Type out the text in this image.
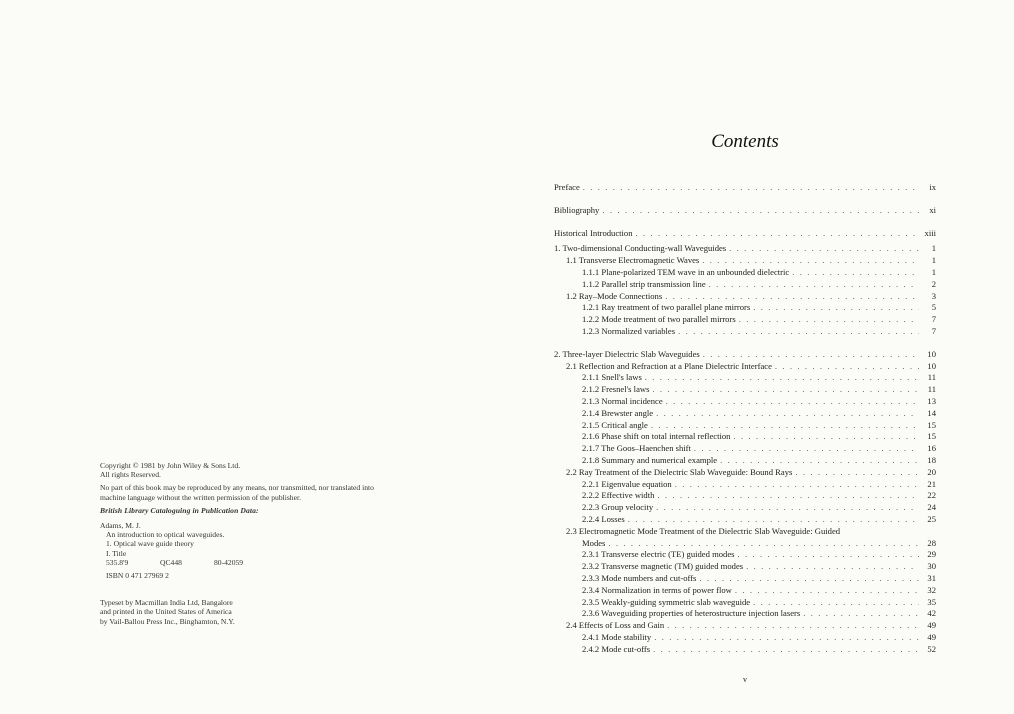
Copyright © 1981 by John Wiley & Sons Ltd.

All rights Reserved.

No part of this book may be reproduced by any means, nor transmitted, nor translated into

machine language without the written permission of the publisher.

British Library Cataloguing in Publication Data:

Adams, M. J.

An introduction to optical waveguides.

1. Optical wave guide theory

I. Title

535.8'9	QC448	80-42059

ISBN 0 471 27969 2

Typeset by Macmillan India Ltd, Bangalore

and printed in the United States of America

by Vail-Ballou Press Inc., Binghamton, N.Y.

Contents
Preface . . .	ix
Bibliography . . .	xi
Historical Introduction . . .	xiii
1. Two-dimensional Conducting-wall Waveguides . . .	1
1.1 Transverse Electromagnetic Waves . . .	1
1.1.1 Plane-polarized TEM wave in an unbounded dielectric . . .	1
1.1.2 Parallel strip transmission line . . .	2
1.2 Ray–Mode Connections . . .	3
1.2.1 Ray treatment of two parallel plane mirrors . . .	5
1.2.2 Mode treatment of two parallel mirrors . . .	7
1.2.3 Normalized variables . . .	7
2. Three-layer Dielectric Slab Waveguides . . .	10
2.1 Reflection and Refraction at a Plane Dielectric Interface . . .	10
2.1.1 Snell's laws . . .	11
2.1.2 Fresnel's laws . . .	11
2.1.3 Normal incidence . . .	13
2.1.4 Brewster angle . . .	14
2.1.5 Critical angle . . .	15
2.1.6 Phase shift on total internal reflection . . .	15
2.1.7 The Goos–Haenchen shift . . .	16
2.1.8 Summary and numerical example . . .	18
2.2 Ray Treatment of the Dielectric Slab Waveguide: Bound Rays . . .	20
2.2.1 Eigenvalue equation . . .	21
2.2.2 Effective width . . .	22
2.2.3 Group velocity . . .	24
2.2.4 Losses . . .	25
2.3 Electromagnetic Mode Treatment of the Dielectric Slab Waveguide: Guided
Modes . . .	28
2.3.1 Transverse electric (TE) guided modes . . .	29
2.3.2 Transverse magnetic (TM) guided modes . . .	30
2.3.3 Mode numbers and cut-offs . . .	31
2.3.4 Normalization in terms of power flow . . .	32
2.3.5 Weakly-guiding symmetric slab waveguide . . .	35
2.3.6 Waveguiding properties of heterostructure injection lasers . . .	42
2.4 Effects of Loss and Gain . . .	49
2.4.1 Mode stability . . .	49
2.4.2 Mode cut-offs . . .	52
v
